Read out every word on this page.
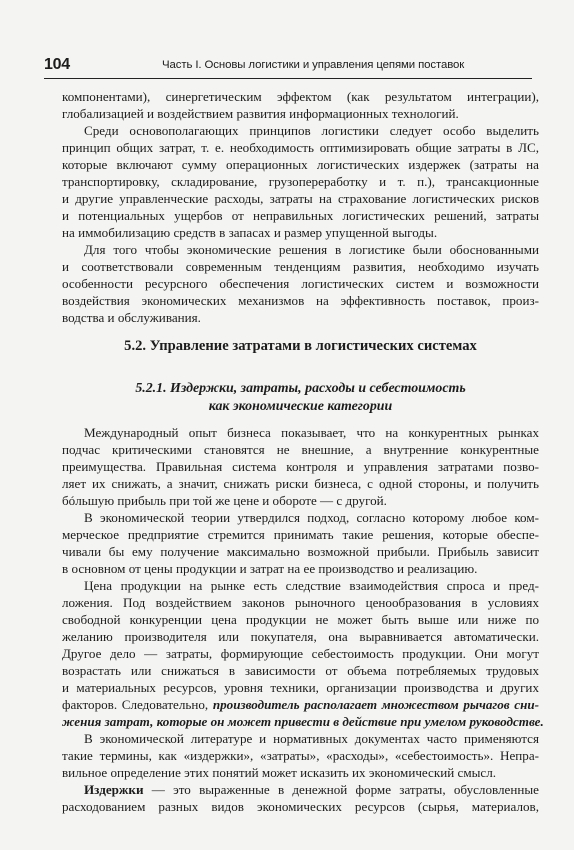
104	Часть I. Основы логистики и управления цепями поставок
компонентами), синергетическим эффектом (как результатом интеграции),
глобализацией и воздействием развития информационных технологий.
Среди основополагающих принципов логистики следует особо выделить
принцип общих затрат, т. е. необходимость оптимизировать общие затраты в ЛС,
которые включают сумму операционных логистических издержек (затраты на
транспортировку, складирование, грузопереработку и т. п.), трансакционные
и другие управленческие расходы, затраты на страхование логистических рисков
и потенциальных ущербов от неправильных логистических решений, затраты
на иммобилизацию средств в запасах и размер упущенной выгоды.
Для того чтобы экономические решения в логистике были обоснованными
и соответствовали современным тенденциям развития, необходимо изучать
особенности ресурсного обеспечения логистических систем и возможности
воздействия экономических механизмов на эффективность поставок, произ-
водства и обслуживания.
5.2. Управление затратами в логистических системах
5.2.1. Издержки, затраты, расходы и себестоимость
как экономические категории
Международный опыт бизнеса показывает, что на конкурентных рынках
подчас критическими становятся не внешние, а внутренние конкурентные
преимущества. Правильная система контроля и управления затратами позво-
ляет их снижать, а значит, снижать риски бизнеса, с одной стороны, и получить
бóльшую прибыль при той же цене и обороте — с другой.
В экономической теории утвердился подход, согласно которому любое ком-
мерческое предприятие стремится принимать такие решения, которые обеспе-
чивали бы ему получение максимально возможной прибыли. Прибыль зависит
в основном от цены продукции и затрат на ее производство и реализацию.
Цена продукции на рынке есть следствие взаимодействия спроса и пред-
ложения. Под воздействием законов рыночного ценообразования в условиях
свободной конкуренции цена продукции не может быть выше или ниже по
желанию производителя или покупателя, она выравнивается автоматически.
Другое дело — затраты, формирующие себестоимость продукции. Они могут
возрастать или снижаться в зависимости от объема потребляемых трудовых
и материальных ресурсов, уровня техники, организации производства и других
факторов. Следовательно, производитель располагает множеством рычагов сни-
жения затрат, которые он может привести в действие при умелом руководстве.
В экономической литературе и нормативных документах часто применяются
такие термины, как «издержки», «затраты», «расходы», «себестоимость». Непра-
вильное определение этих понятий может исказить их экономический смысл.
Издержки — это выраженные в денежной форме затраты, обусловленные
расходованием разных видов экономических ресурсов (сырья, материалов,
